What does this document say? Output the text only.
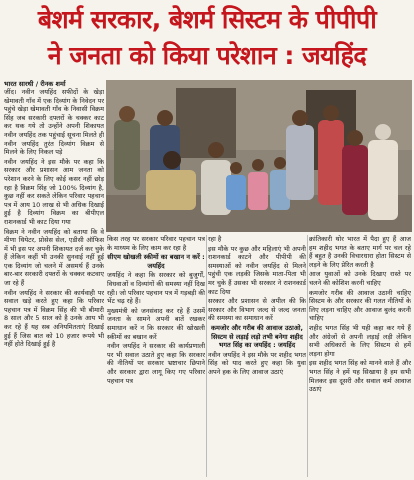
बेशर्म सरकार, बेशर्म सिस्टम के पीपीपी
ने जनता को किया परेशान : जयहिंद
भारत सारथी / रीनक शर्मा

जींद। नवीन जयहिंद सफीदों के खेड़ा खेमावती गाँव में एक दिव्यांग के निवेदन पर पहुंचे खेड़ा खेमावती गाँव के निवासी विक्रम सिंह जब सरकारी दफ्तरों के चक्कर काट कर थक गये तो उन्होंने अपनी शिकायत नवीन जयहिंद तक पहुंचाई सूचना मिलते ही नवीन जयहिंद तुरंत दिव्यांग विक्रम से मिलने के लिए निकल पड़े

नवीन जयहिंद ने इस मौके पर कहा कि सरकार और प्रशासन आम जनता को परेशान करने के लिए कोई कसर नहीं छोड़ रहा है विक्रम सिंह जो 100% दिव्यांग है, कुछ नहीं कर सकते लेकिन परिवार पहचान पत्र में आय 10 लाख से भी अधिक दिखाई हुई है दिव्यांग विक्रम का बीपीएल राशनकार्ड भी काट दिया गया

विक्रम ने नवीन जयहिंद को बताया कि वे मीणा थियेटर, प्रोसेस सेल, एडीसी ऑफिस में भी इस पर अपनी शिकायत दर्ज कर चुके हैं लेकिन कहीं भी उनकी सुनवाई नहीं हुई एक दिव्यांग जो चलने में असमर्थ हैं उनके बार-बार सरकारी दफ्तरों के चक्कर कटवाए जा रहे हैं

नवीन जयहिंद ने सरकार की कार्यवाही पर सवाल खड़े करते हुए कहा कि परिवार पहचान पत्र में विक्रम सिंह की भी बीमारी 8 साल और 5 साल को है उनके आय भी कर रहे हैं यह सब अनियमितताएं दिखाई हुई हैं जिस बात को 10 हजार रूपये भी नहीं होते दिखाई हुई है

किस तरह पर सरकार परिवार पहचान पत्र के माध्यम के लिए काम कर रहा है

सीएम खोखली स्कीमों का बखान न करें : जयहिंद

जयहिंद ने कहा कि सरकार को बुजुर्गों, विधवाओं व दिव्यांगों की समस्या नहीं दिख रही। जो परिवार पहचान पत्र में गड़बड़ी की भेंट चढ़ रहे हैं।

मुख्यमंत्री को जनसंवाद कर रहे हैं उसमें जनता के सामने अपनी बातें रखकर समाधान करें न कि सरकार की खोखली स्कीमों का बखान करें

नवीन जयहिंद ने सरकार की कार्यप्रणाली पर भी सवाल उठाते हुए कहा कि सरकार की नीतियों पर सरकार भ्रष्टाचार छिपाने और सरकार द्वारा लागू किए गए परिवार पहचान पत्र

रहा है

इस मौके पर कुछ और महिलाएं भी अपनी राशनकार्ड काटने और पीपीपी की समस्याओं को नवीन जयहिंद से मिलने पहुंची एक लड़की जिसके माता-पिता भी मर चुके हैं उसका भी सरकार ने राशनकार्ड काट दिया

सरकार और प्रशासन से अपील की कि सरकार और विभाग जल्द से जल्द जनता की समस्या का समाधान करें

कमजोर और गरीब की आवाज उठाओ, सिस्टम से लड़ाई लड़ो तभी बनेगा शहीद भगत सिंह का जयहिंद : जयहिंद

नवीन जयहिंद ने इस मौके पर शहीद भगत सिंह को याद करते हुए कहा कि युवा अपने हक के लिए आवाज उठाएं

क्रांतिकारी थोर भारत में पैदा हुए हैं आज हम शहीद भगत के बताए मार्ग पर चल रहे हैं बहुत है उनकी विचारधारा होता सिस्टम से लड़ने के लिए प्रेरित करती है

आज युवाओं को उनके दिखाए रास्ते पर चलने की कोशिश करनी चाहिए

कमजोर गरीब की आवाज उठानी चाहिए सिस्टम के और सरकार की गलत नीतियों के लिए लड़ना चाहिए और आवाज बुलंद करनी चाहिए

शहीद भगत सिंह भी यही कहा कर गये हैं और अंग्रेजों से अपनी लड़ाई लड़ी लेकिन सभी अधिकारों के लिए सिस्टम से हमें लड़ना होगा

इस शहीद भगत सिंह को मानने वाले हैं और भगत सिंह ने हमें यह सिखाया है हम सभी मिलकर इस दूसरी और सवाल कर्म आवाज उठाएं
